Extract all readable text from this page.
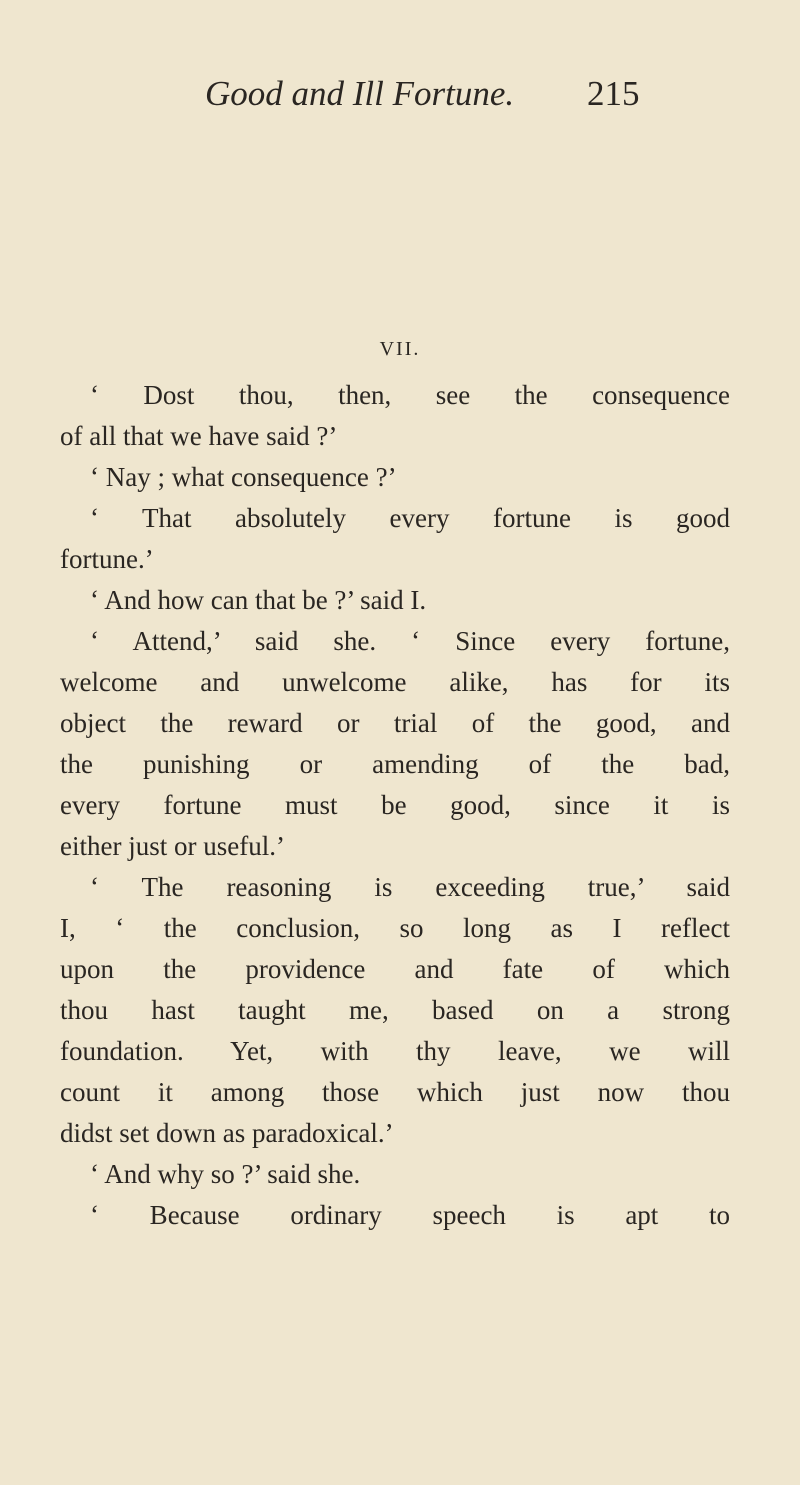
Good and Ill Fortune. 215
VII.
‘ Dost thou, then, see the consequence
of all that we have said ?’
‘ Nay ; what consequence ?’
‘ That absolutely every fortune is good
fortune.’
‘ And how can that be ?’ said I.
‘ Attend,’ said she. ‘ Since every fortune,
welcome and unwelcome alike, has for its
object the reward or trial of the good, and
the punishing or amending of the bad,
every fortune must be good, since it is
either just or useful.’
‘ The reasoning is exceeding true,’ said
I, ‘ the conclusion, so long as I reflect
upon the providence and fate of which
thou hast taught me, based on a strong
foundation. Yet, with thy leave, we will
count it among those which just now thou
didst set down as paradoxical.’
‘ And why so ?’ said she.
‘ Because ordinary speech is apt to
